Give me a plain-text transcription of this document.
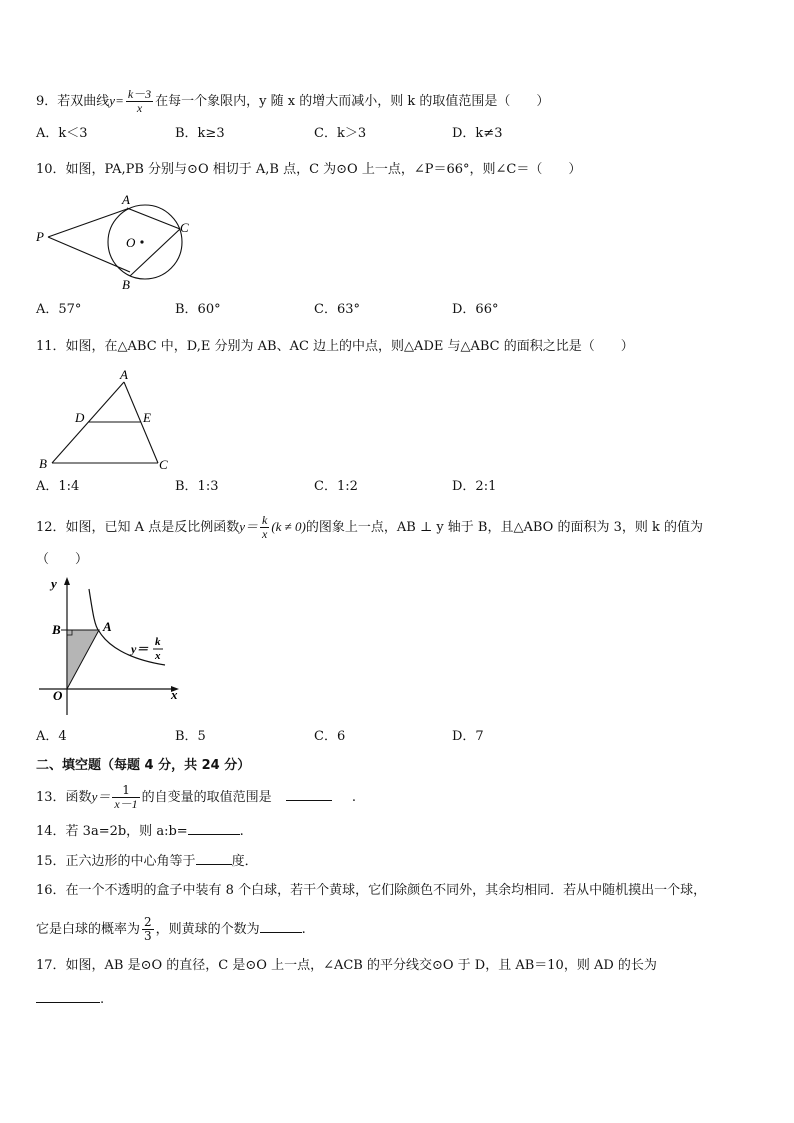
9．若双曲线$y= \frac{k-3}{x}$ 在每一个象限内，y 随 x 的增大而减小，则 k 的取值范围是（　　）
A．k＜3	B．k≥3	C．k＞3	D．k≠3
10．如图，PA,PB 分别与⊙O 相切于 A,B 点，C 为⊙O 上一点，∠P＝66°，则∠C＝（　　）
P
A
B
C
O
A．57°	B．60°	C．63°	D．66°
11．如图，在△ABC 中，D,E 分别为 AB、AC 边上的中点，则△ADE 与△ABC 的面积之比是（　　）
A
D	E
B	C
A．1:4	B．1:3	C．1:2	D．2:1
12．如图，已知 A 点是反比例函数$y= \frac{k}{x} (k \ne 0)$的图象上一点，AB ⊥ y 轴于 B，且△ABO 的面积为 3，则 k 的值为
（　　）
y
x
B	A
O
y＝ k
x
A．4	B．5	C．6	D．7
二、填空题（每题 4 分，共 24 分）
13．函数$y= \frac{1}{x-1}$ 的自变量的取值范围是	.
14．若 3a=2b，则 a:b=	.
15．正六边形的中心角等于	度．
16．在一个不透明的盒子中装有 8 个白球，若干个黄球，它们除颜色不同外，其余均相同．若从中随机摸出一个球，
它是白球的概率为 $\frac{2}{3}$ ，则黄球的个数为	.
17．如图，AB 是⊙O 的直径，C 是⊙O 上一点，∠ACB 的平分线交⊙O 于 D，且 AB＝10，则 AD 的长为
.
